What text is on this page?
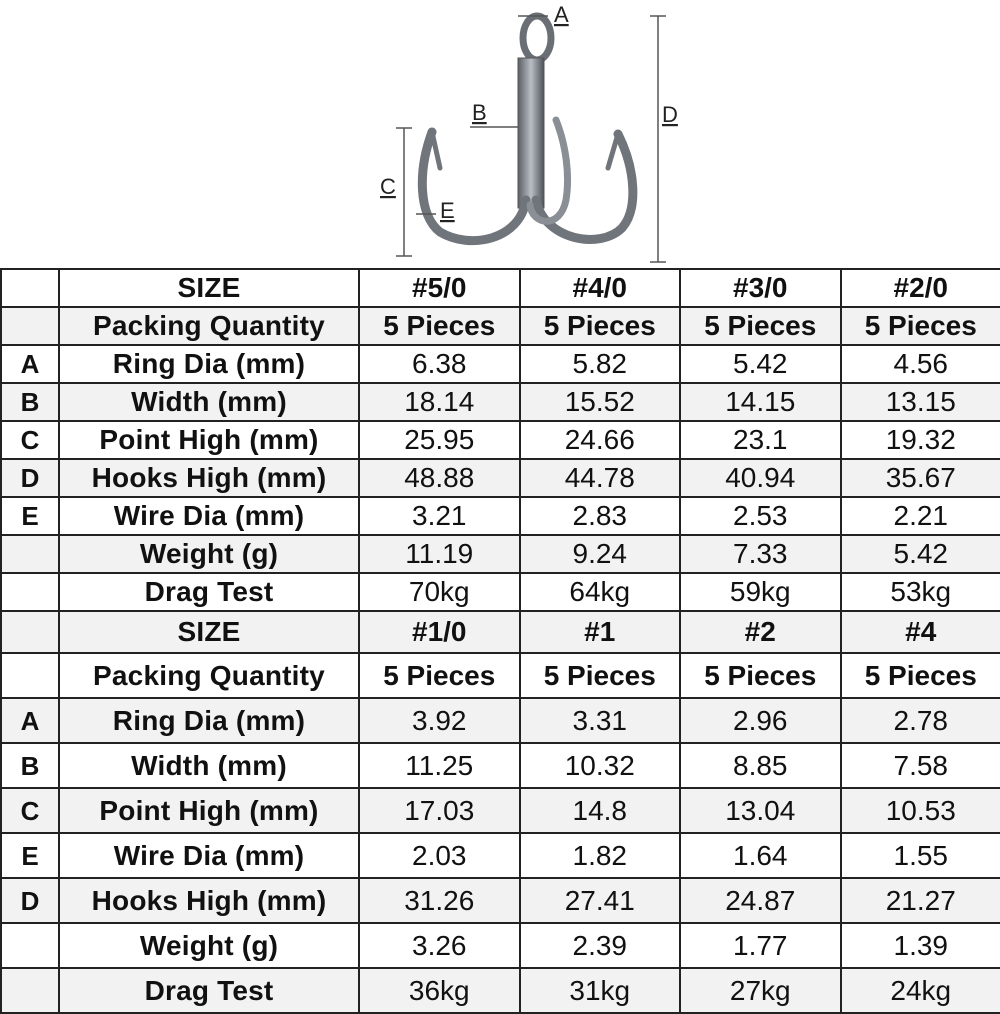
A
B
C
D
E
	SIZE	#5/0	#4/0	#3/0	#2/0
	Packing Quantity	5 Pieces	5 Pieces	5 Pieces	5 Pieces
A	Ring Dia (mm)	6.38	5.82	5.42	4.56
B	Width (mm)	18.14	15.52	14.15	13.15
C	Point High (mm)	25.95	24.66	23.1	19.32
D	Hooks High (mm)	48.88	44.78	40.94	35.67
E	Wire Dia (mm)	3.21	2.83	2.53	2.21
	Weight (g)	11.19	9.24	7.33	5.42
	Drag Test	70kg	64kg	59kg	53kg
	SIZE	#1/0	#1	#2	#4
	Packing Quantity	5 Pieces	5 Pieces	5 Pieces	5 Pieces
A	Ring Dia (mm)	3.92	3.31	2.96	2.78
B	Width (mm)	11.25	10.32	8.85	7.58
C	Point High (mm)	17.03	14.8	13.04	10.53
E	Wire Dia (mm)	2.03	1.82	1.64	1.55
D	Hooks High (mm)	31.26	27.41	24.87	21.27
	Weight (g)	3.26	2.39	1.77	1.39
	Drag Test	36kg	31kg	27kg	24kg
